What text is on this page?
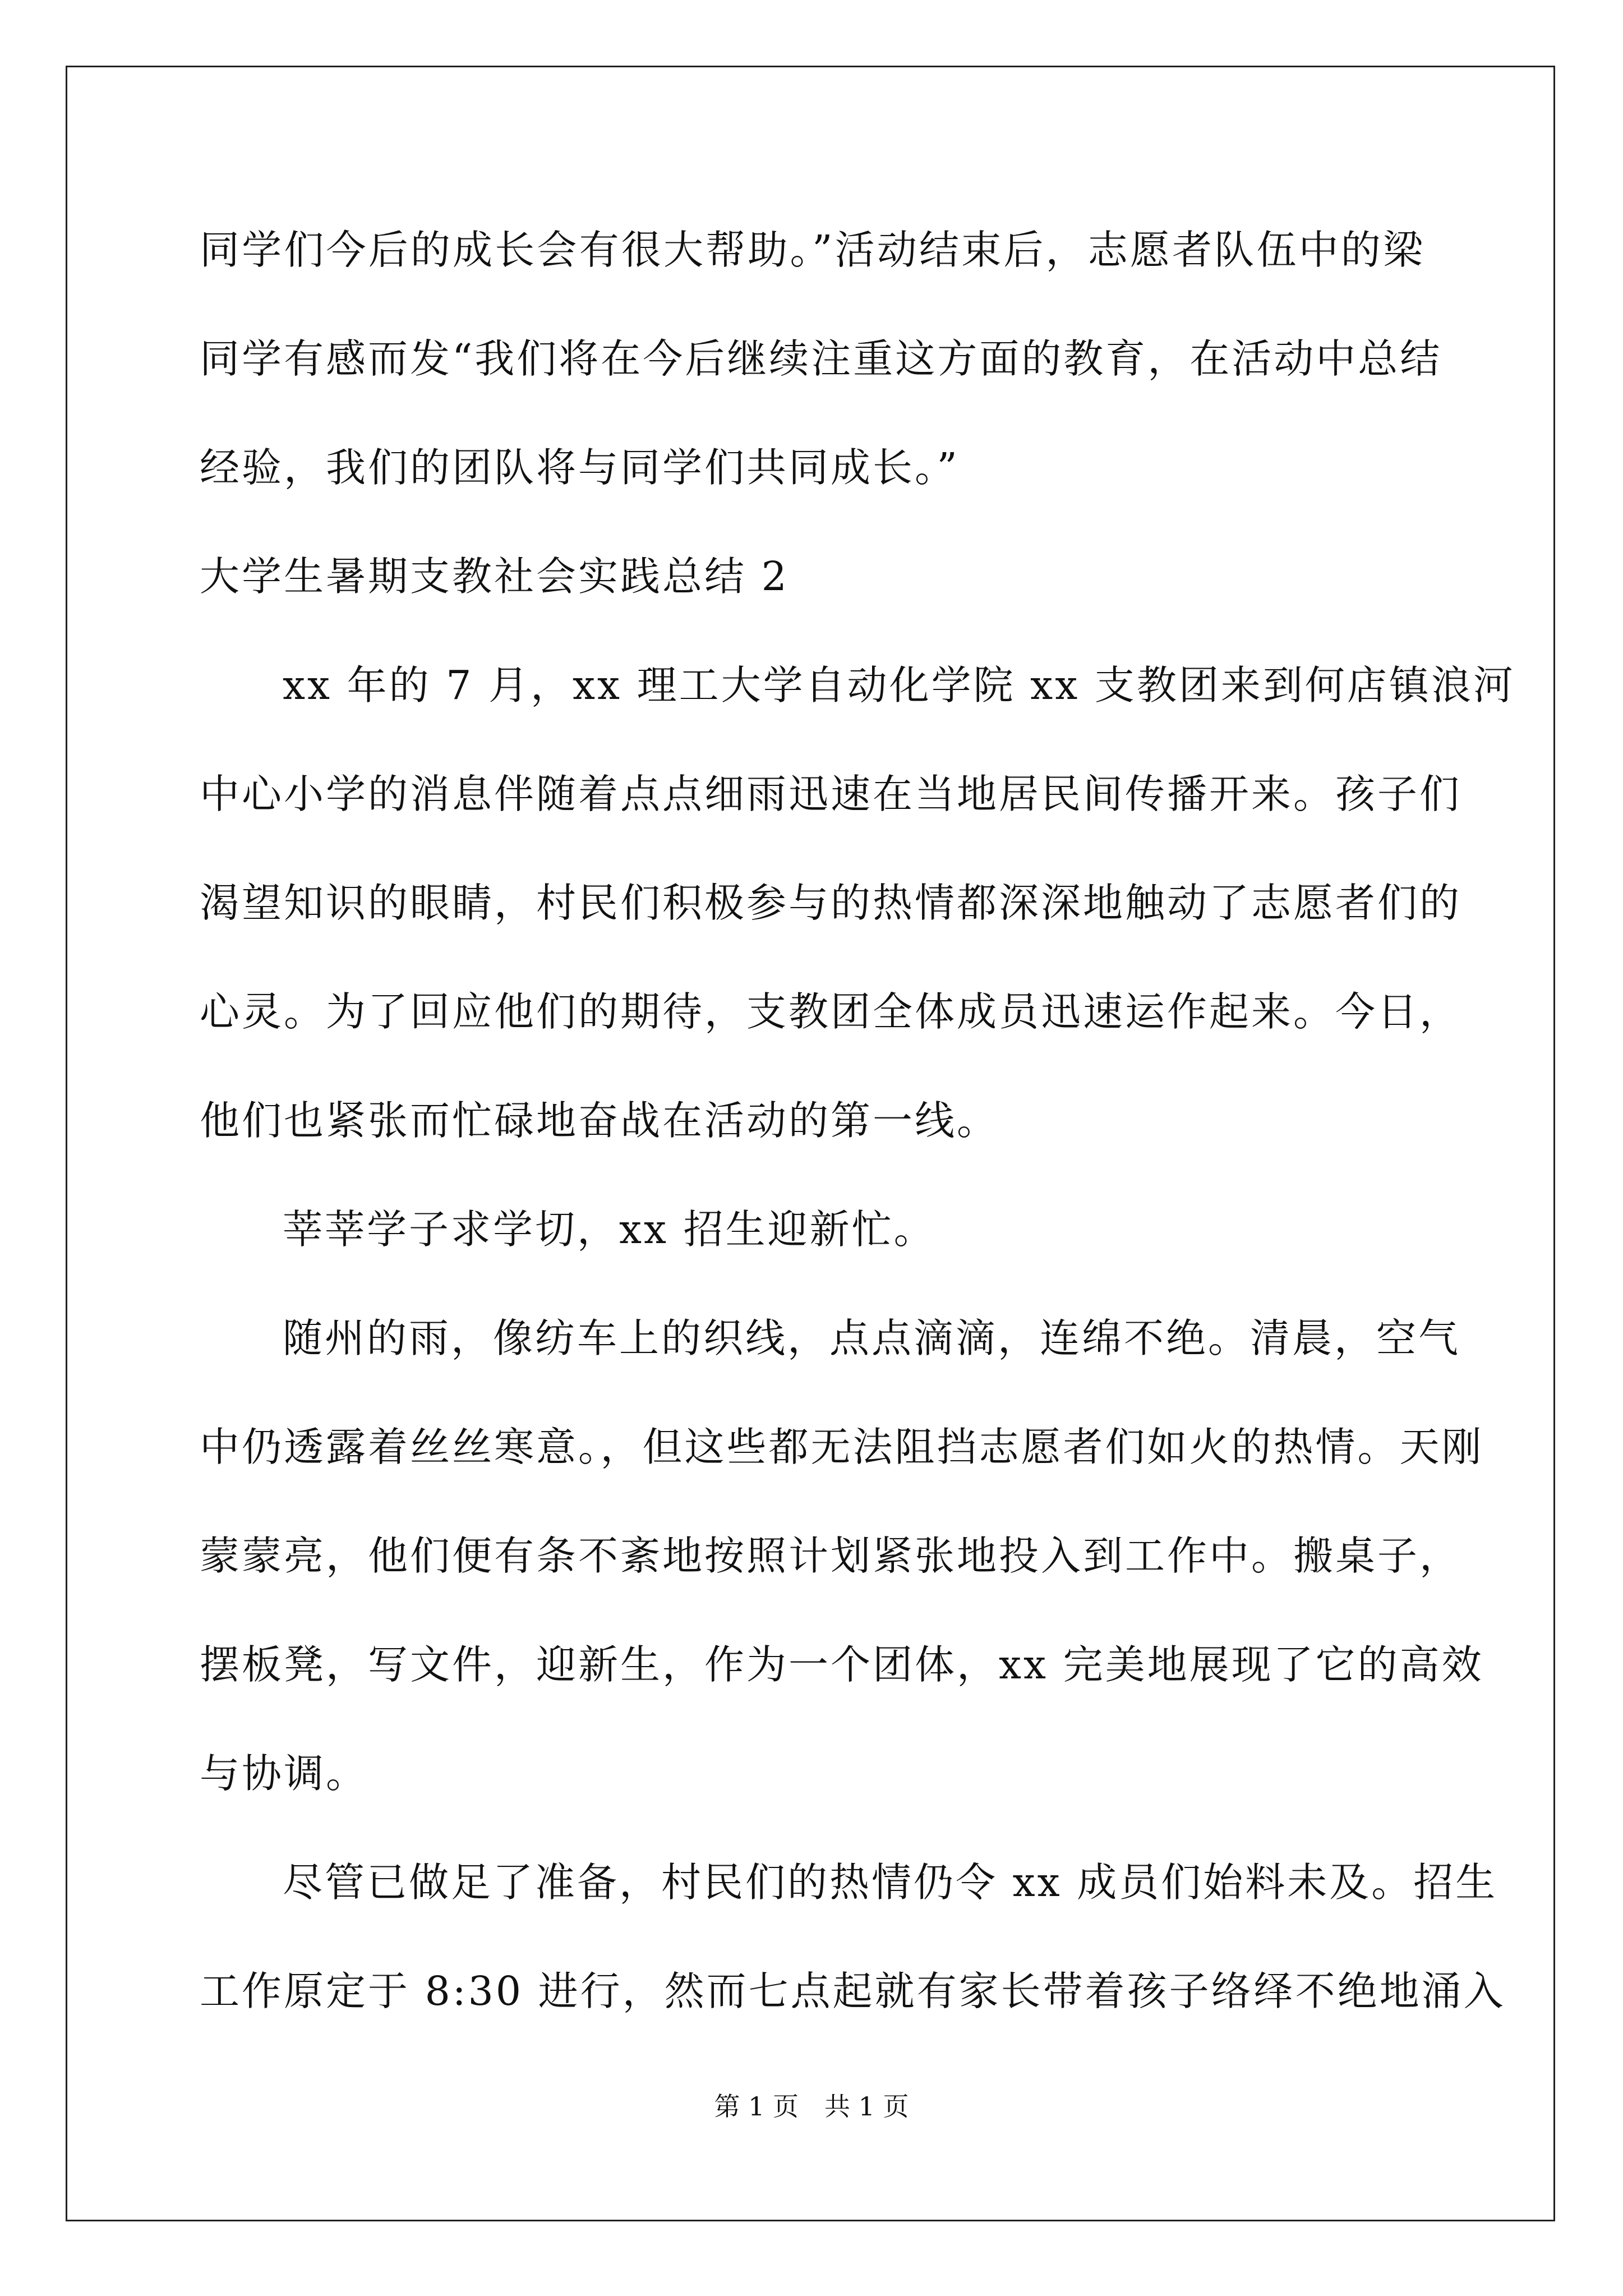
同学们今后的成长会有很大帮助。”活动结束后，志愿者队伍中的梁
同学有感而发“我们将在今后继续注重这方面的教育，在活动中总结
经验，我们的团队将与同学们共同成长。”
大学生暑期支教社会实践总结 2
xx 年的 7 月，xx 理工大学自动化学院 xx 支教团来到何店镇浪河
中心小学的消息伴随着点点细雨迅速在当地居民间传播开来。孩子们
渴望知识的眼睛，村民们积极参与的热情都深深地触动了志愿者们的
心灵。为了回应他们的期待，支教团全体成员迅速运作起来。今日，
他们也紧张而忙碌地奋战在活动的第一线。
莘莘学子求学切，xx 招生迎新忙。
随州的雨，像纺车上的织线，点点滴滴，连绵不绝。清晨，空气
中仍透露着丝丝寒意。，但这些都无法阻挡志愿者们如火的热情。天刚
蒙蒙亮，他们便有条不紊地按照计划紧张地投入到工作中。搬桌子，
摆板凳，写文件，迎新生，作为一个团体，xx 完美地展现了它的高效
与协调。
尽管已做足了准备，村民们的热情仍令 xx 成员们始料未及。招生
工作原定于 8:30 进行，然而七点起就有家长带着孩子络绎不绝地涌入
第 1 页　共 1 页
